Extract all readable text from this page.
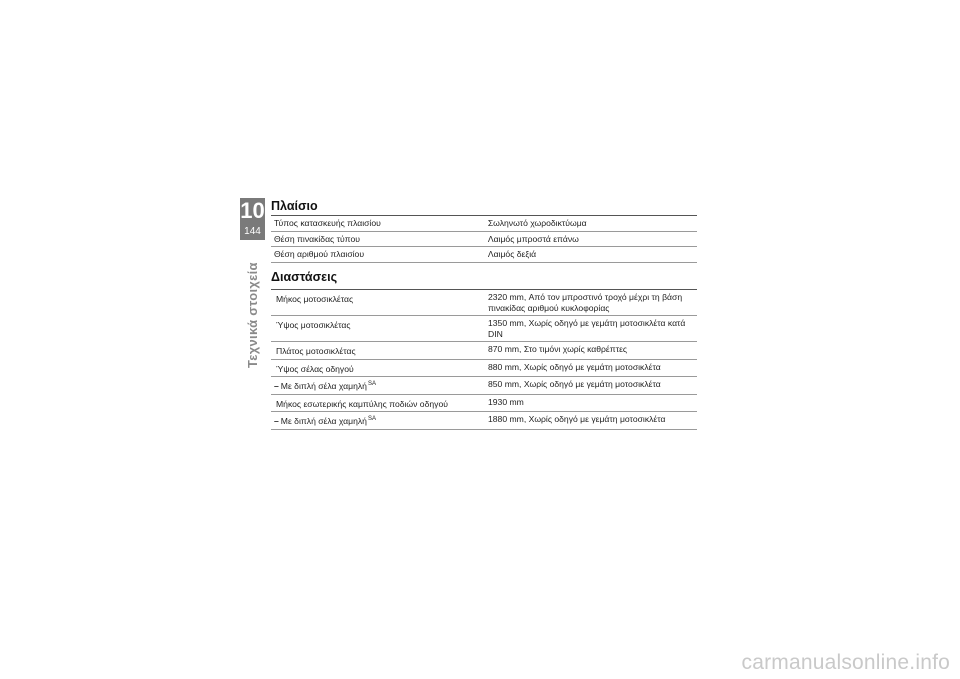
10
144
Τεχνικά στοιχεία
Πλαίσιο
Τύπος κατασκευής πλαισίου	Σωληνωτό χωροδικτύωμα
Θέση πινακίδας τύπου	Λαιμός μπροστά επάνω
Θέση αριθμού πλαισίου	Λαιμός δεξιά
Διαστάσεις
Μήκος μοτοσικλέτας	2320 mm, Από τον μπροστινό τροχό μέχρι τη βάση πινακίδας αριθμού κυκλοφορίας
Ύψος μοτοσικλέτας	1350 mm, Χωρίς οδηγό με γεμάτη μοτοσικλέτα κατά DIN
Πλάτος μοτοσικλέτας	870 mm, Στο τιμόνι χωρίς καθρέπτες
Ύψος σέλας οδηγού	880 mm, Χωρίς οδηγό με γεμάτη μοτοσικλέτα
– Με διπλή σέλα χαμηλή$^{SA}$	850 mm, Χωρίς οδηγό με γεμάτη μοτοσικλέτα
Μήκος εσωτερικής καμπύλης ποδιών οδηγού	1930 mm
– Με διπλή σέλα χαμηλή$^{SA}$	1880 mm, Χωρίς οδηγό με γεμάτη μοτοσικλέτα
carmanualsonline.info
